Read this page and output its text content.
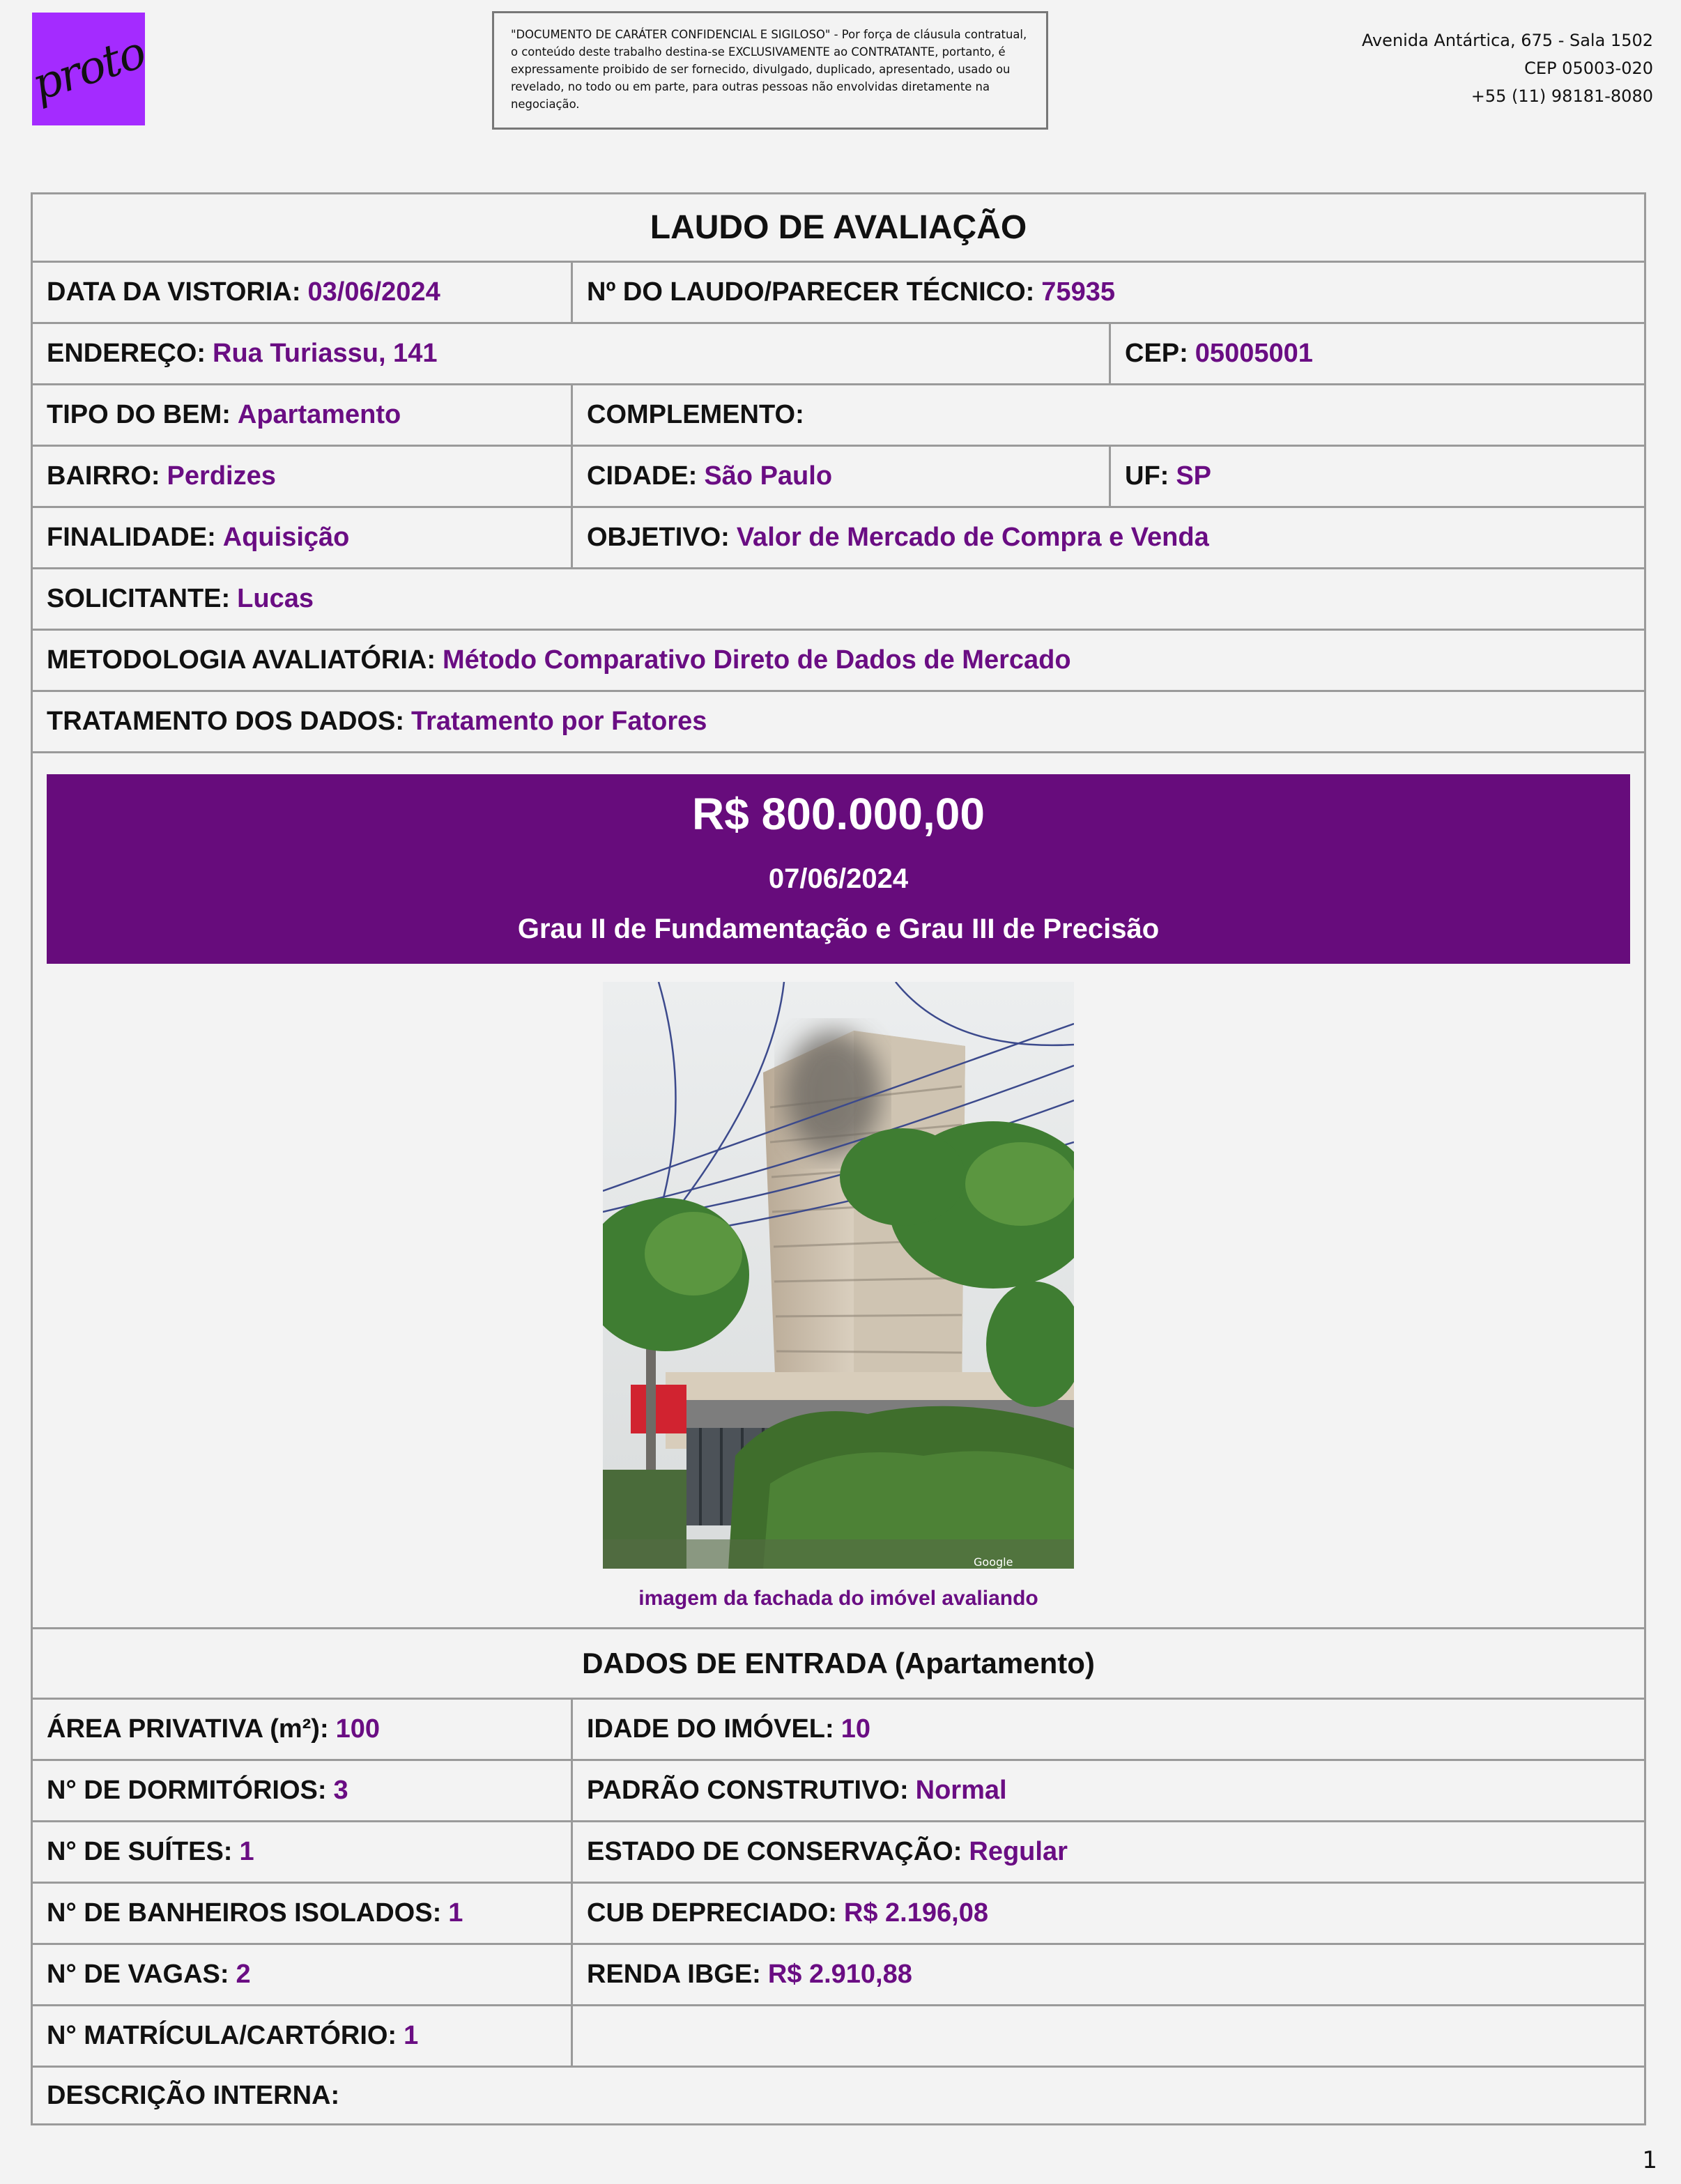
proto	"DOCUMENTO DE CARÁTER CONFIDENCIAL E SIGILOSO" - Por força de cláusula contratual, o conteúdo deste trabalho destina-se EXCLUSIVAMENTE ao CONTRATANTE, portanto, é expressamente proibido de ser fornecido, divulgado, duplicado, apresentado, usado ou revelado, no todo ou em parte, para outras pessoas não envolvidas diretamente na negociação.
Avenida Antártica, 675 - Sala 1502
CEP 05003-020
+55 (11) 98181-8080
LAUDO DE AVALIAÇÃO
DATA DA VISTORIA: 03/06/2024	Nº DO LAUDO/PARECER TÉCNICO: 75935
ENDEREÇO: Rua Turiassu, 141	CEP: 05005001
TIPO DO BEM: Apartamento	COMPLEMENTO:
BAIRRO: Perdizes	CIDADE: São Paulo	UF: SP
FINALIDADE: Aquisição	OBJETIVO: Valor de Mercado de Compra e Venda
SOLICITANTE: Lucas
METODOLOGIA AVALIATÓRIA: Método Comparativo Direto de Dados de Mercado
TRATAMENTO DOS DADOS: Tratamento por Fatores
R$ 800.000,00
07/06/2024
Grau II de Fundamentação e Grau III de Precisão
Google
imagem da fachada do imóvel avaliando
DADOS DE ENTRADA (Apartamento)
ÁREA PRIVATIVA (m²): 100	IDADE DO IMÓVEL: 10
N° DE DORMITÓRIOS: 3	PADRÃO CONSTRUTIVO: Normal
N° DE SUÍTES: 1	ESTADO DE CONSERVAÇÃO: Regular
N° DE BANHEIROS ISOLADOS: 1	CUB DEPRECIADO: R$ 2.196,08
N° DE VAGAS: 2	RENDA IBGE: R$ 2.910,88
N° MATRÍCULA/CARTÓRIO: 1
DESCRIÇÃO INTERNA:
1
